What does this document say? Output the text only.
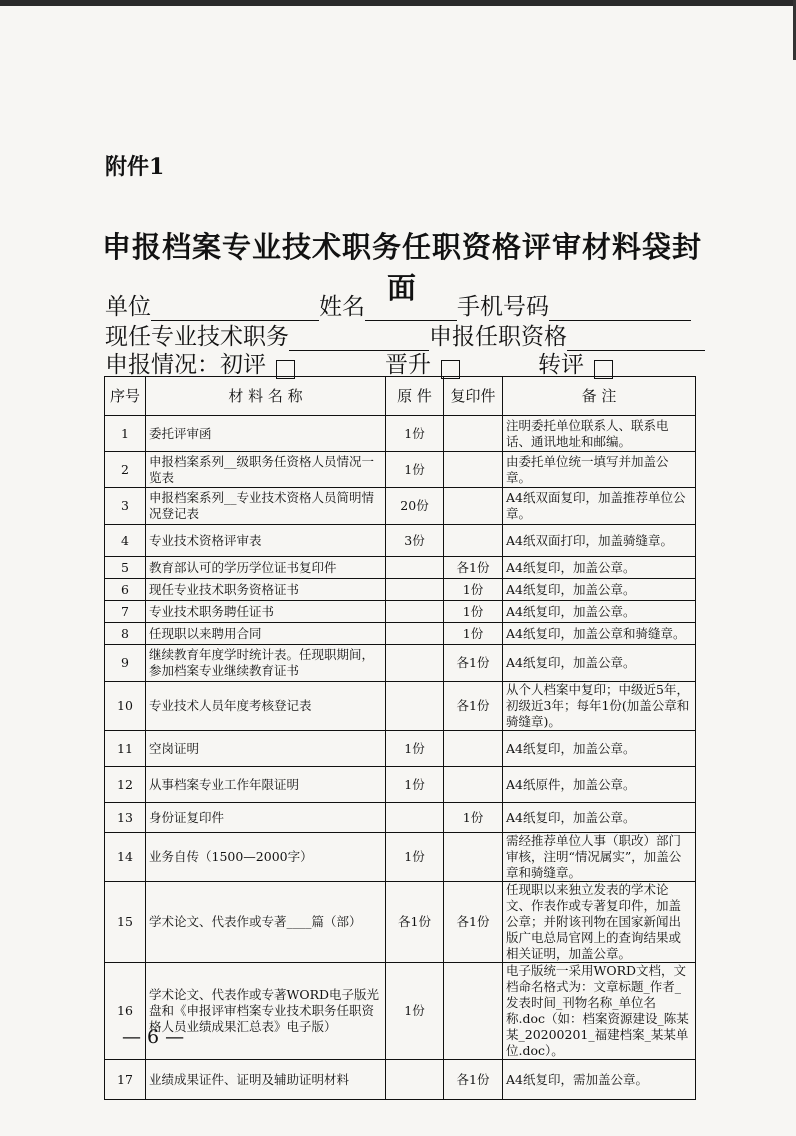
附件1
申报档案专业技术职务任职资格评审材料袋封面
单位	姓名	手机号码
现任专业技术职务	申报任职资格
申报情况：初评	晋升	转评
序号	材 料 名 称	原 件	复印件	备 注
1	委托评审函	1份		注明委托单位联系人、联系电话、通讯地址和邮编。
2	申报档案系列__级职务任资格人员情况一览表	1份		由委托单位统一填写并加盖公章。
3	申报档案系列__专业技术资格人员简明情况登记表	20份		A4纸双面复印，加盖推荐单位公章。
4	专业技术资格评审表	3份		A4纸双面打印，加盖骑缝章。
5	教育部认可的学历学位证书复印件		各1份	A4纸复印，加盖公章。
6	现任专业技术职务资格证书		1份	A4纸复印，加盖公章。
7	专业技术职务聘任证书		1份	A4纸复印，加盖公章。
8	任现职以来聘用合同		1份	A4纸复印，加盖公章和骑缝章。
9	继续教育年度学时统计表。任现职期间，参加档案专业继续教育证书		各1份	A4纸复印，加盖公章。
10	专业技术人员年度考核登记表		各1份	从个人档案中复印；中级近5年，初级近3年；每年1份(加盖公章和骑缝章)。
11	空岗证明	1份		A4纸复印，加盖公章。
12	从事档案专业工作年限证明	1份		A4纸原件，加盖公章。
13	身份证复印件		1份	A4纸复印，加盖公章。
14	业务自传（1500—2000字）	1份		需经推荐单位人事（职改）部门审核，注明“情况属实”，加盖公章和骑缝章。
15	学术论文、代表作或专著____篇（部）	各1份	各1份	任现职以来独立发表的学术论文、作表作或专著复印件，加盖公章；并附该刊物在国家新闻出版广电总局官网上的查询结果或相关证明，加盖公章。
16	学术论文、代表作或专著WORD电子版光盘和《申报评审档案专业技术职务任职资格人员业绩成果汇总表》电子版）	1份		电子版统一采用WORD文档，文档命名格式为：文章标题_作者_发表时间_刊物名称_单位名称.doc（如：档案资源建设_陈某某_20200201_福建档案_某某单位.doc）。
17	业绩成果证件、证明及辅助证明材料		各1份	A4纸复印，需加盖公章。
— 6 —
